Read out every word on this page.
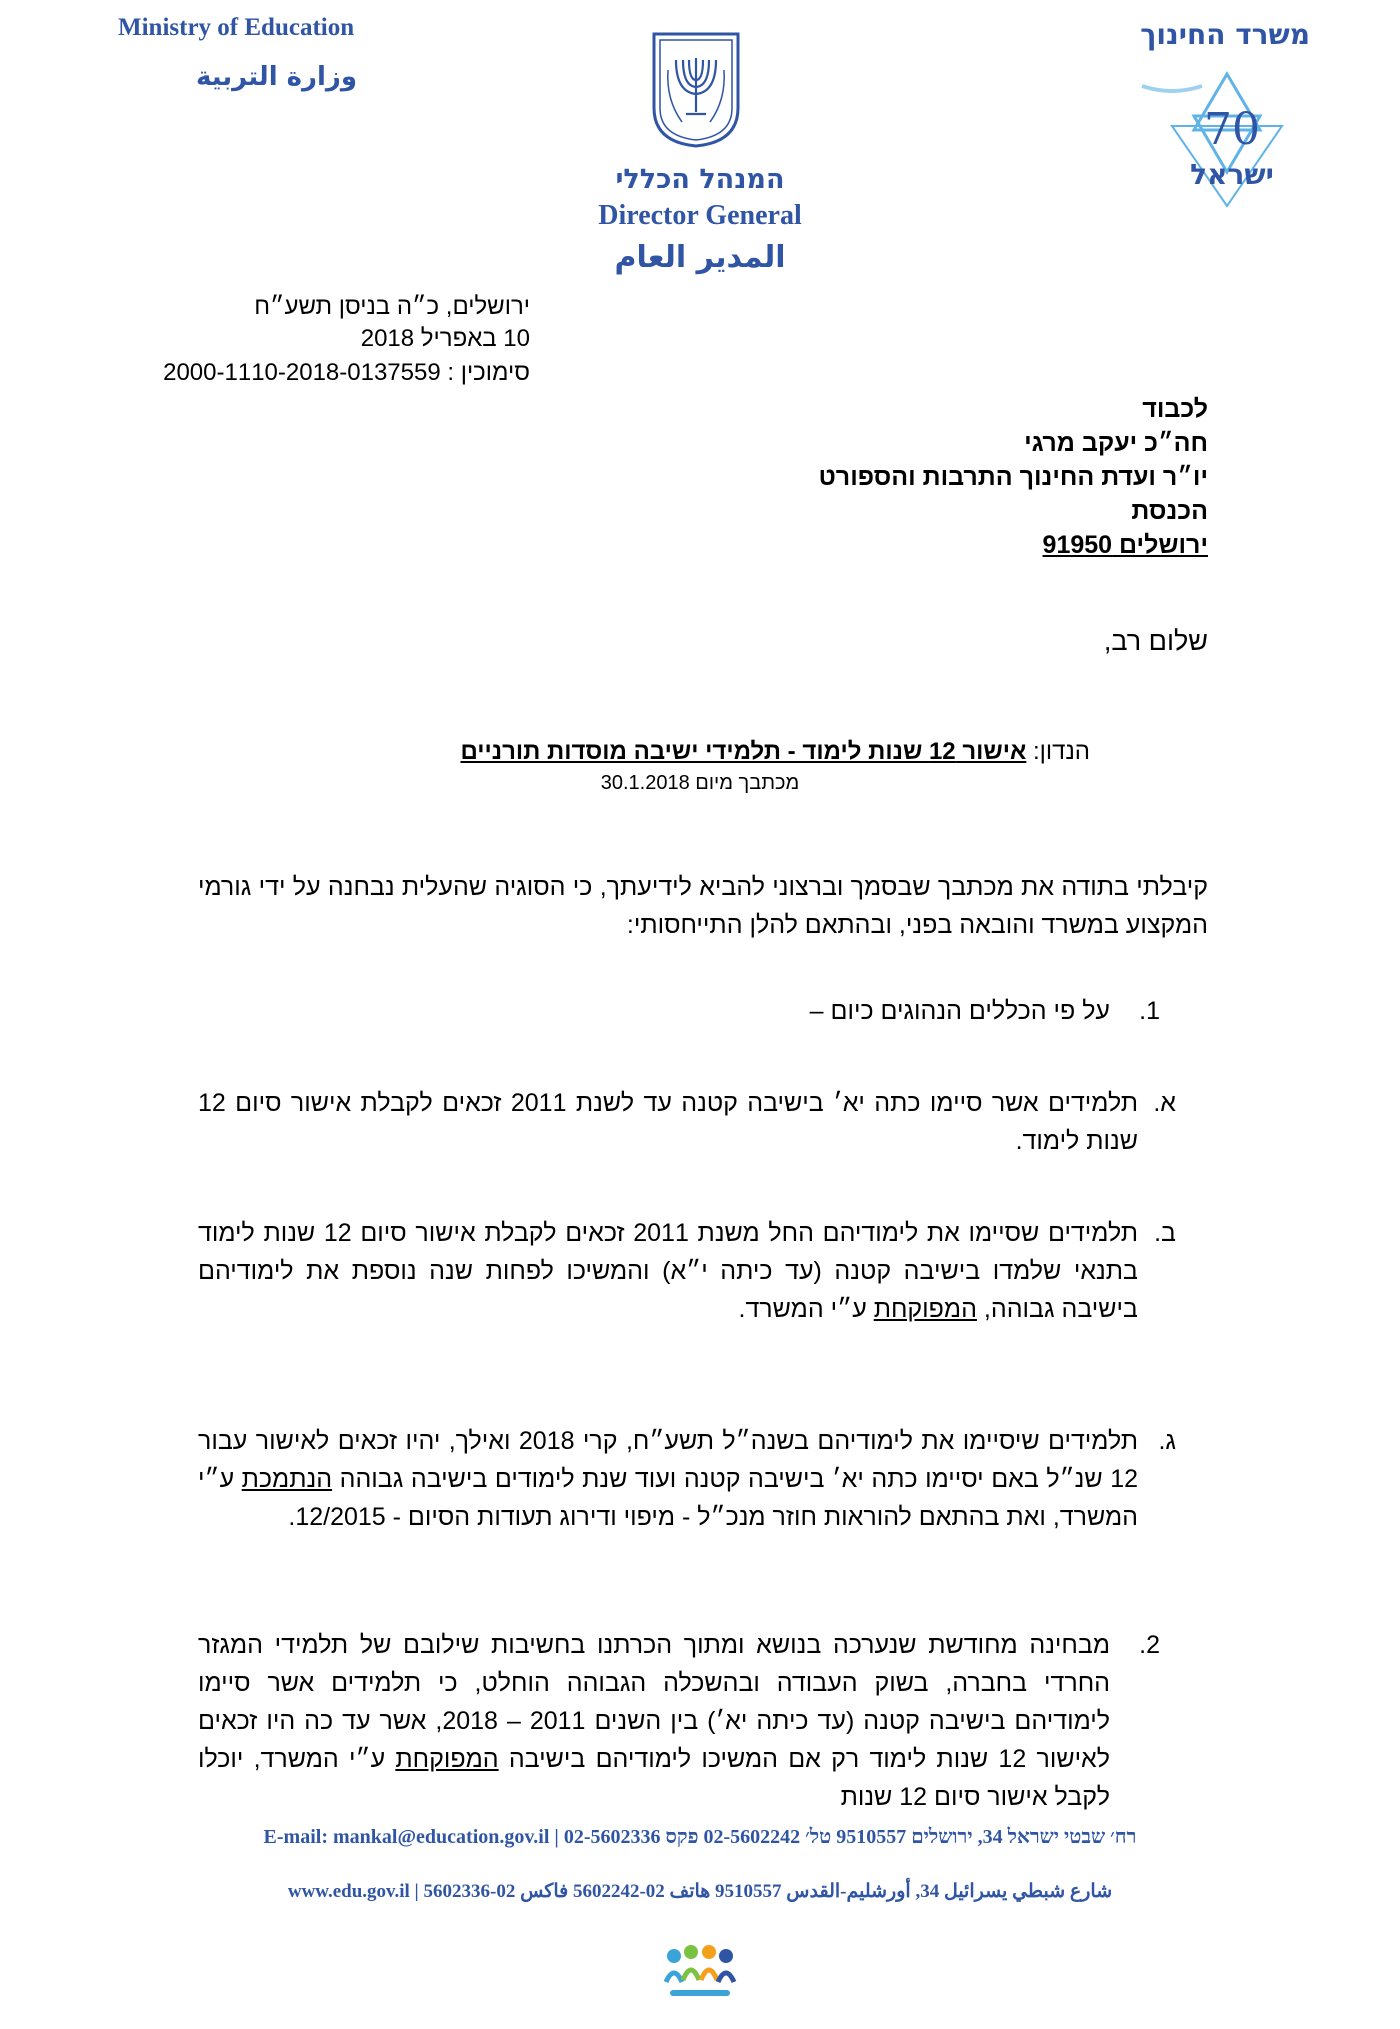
Ministry of Education
وزارة التربية
משרד החינוך
המנהל הכללי
Director General
المدير العام
70
ישראל
ירושלים, כ״ה בניסן תשע״ח
10 באפריל 2018
סימוכין : 2000-1110-2018-0137559
לכבוד
חה״כ יעקב מרגי
יו״ר ועדת החינוך התרבות והספורט
הכנסת
ירושלים 91950
שלום רב,
הנדון: אישור 12 שנות לימוד - תלמידי ישיבה מוסדות תורניים
מכתבך מיום 30.1.2018
קיבלתי בתודה את מכתבך שבסמך וברצוני להביא לידיעתך, כי הסוגיה שהעלית נבחנה על ידי גורמי המקצוע במשרד והובאה בפני, ובהתאם להלן התייחסותי:
1.
על פי הכללים הנהוגים כיום –
א.
תלמידים אשר סיימו כתה יא׳ בישיבה קטנה עד לשנת 2011 זכאים לקבלת אישור סיום 12 שנות לימוד.
ב.
תלמידים שסיימו את לימודיהם החל משנת 2011 זכאים לקבלת אישור סיום 12 שנות לימוד בתנאי שלמדו בישיבה קטנה (עד כיתה י״א) והמשיכו לפחות שנה נוספת את לימודיהם בישיבה גבוהה, המפוקחת ע״י המשרד.
ג.
תלמידים שיסיימו את לימודיהם בשנה״ל תשע״ח, קרי 2018 ואילך, יהיו זכאים לאישור עבור 12 שנ״ל באם יסיימו כתה יא׳ בישיבה קטנה ועוד שנת לימודים בישיבה גבוהה הנתמכת ע״י המשרד, ואת בהתאם להוראות חוזר מנכ״ל - מיפוי ודירוג תעודות הסיום - 12/2015.
2.
מבחינה מחודשת שנערכה בנושא ומתוך הכרתנו בחשיבות שילובם של תלמידי המגזר החרדי בחברה, בשוק העבודה ובהשכלה הגבוהה הוחלט, כי תלמידים אשר סיימו לימודיהם בישיבה קטנה (עד כיתה יא׳) בין השנים 2011 – 2018, אשר עד כה היו זכאים לאישור 12 שנות לימוד רק אם המשיכו לימודיהם בישיבה המפוקחת ע״י המשרד, יוכלו לקבל אישור סיום 12 שנות
רח׳ שבטי ישראל 34, ירושלים 9510557 טל׳ 02-5602242 פקס 02-5602336 | E-mail: mankal@education.gov.il
شارع شبطي يسرائيل 34, أورشليم-القدس 9510557 هاتف 02-5602242 فاكس 02-5602336 | www.edu.gov.il
